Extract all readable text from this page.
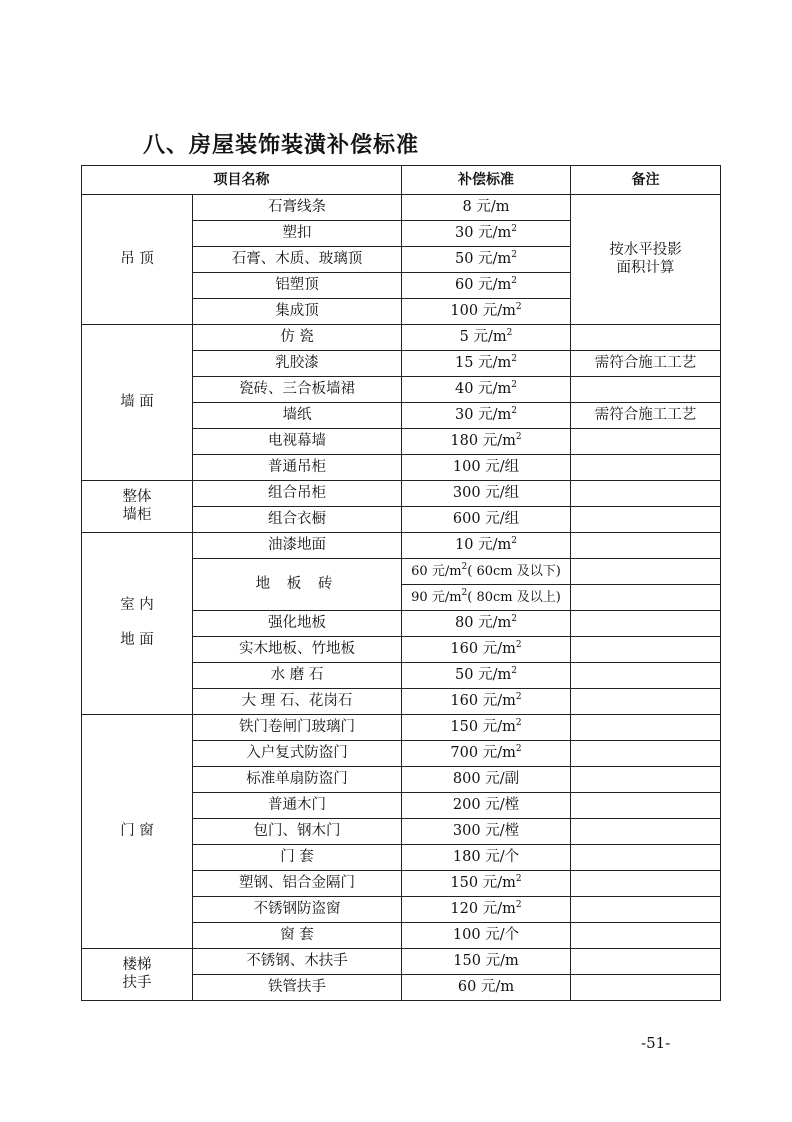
八、房屋装饰装潢补偿标准
项目名称		补偿标准	备注
吊 顶	石膏线条	8 元/m	按水平投影
面积计算
	塑扣	30 元$/m^2$
	石膏、木质、玻璃顶	50 元$/m^2$
	铝塑顶	60 元$/m^2$
	集成顶	100 元$/m^2$
墙 面	仿 瓷	5 元$/m^2$	
	乳胶漆	15 元$/m^2$	需符合施工工艺
	瓷砖、三合板墙裙	40 元$/m^2$	
	墙纸	30 元$/m^2$	需符合施工工艺
	电视幕墙	180 元$/m^2$	
	普通吊柜	100 元/组	
整体
墙柜	组合吊柜	300 元/组	
	组合衣橱	600 元/组	
室 内

地 面	油漆地面	10 元$/m^2$	
	地 板 砖	60 元$/m^2$( 60cm 及以下)	
		90 元$/m^2$( 80cm 及以上)	
	强化地板	80 元$/m^2$	
	实木地板、竹地板	160 元$/m^2$	
	水 磨 石	50 元$/m^2$	
	大 理 石、花岗石	160 元$/m^2$	
门 窗	铁门卷闸门玻璃门	150 元$/m^2$	
	入户复式防盗门	700 元$/m^2$	
	标准单扇防盗门	800 元/副	
	普通木门	200 元/樘	
	包门、钢木门	300 元/樘	
	门 套	180 元/个	
	塑钢、铝合金隔门	150 元$/m^2$	
	不锈钢防盗窗	120 元$/m^2$	
	窗 套	100 元/个	
楼梯
扶手	不锈钢、木扶手	150 元/m	
	铁管扶手	60 元/m	
-51-
